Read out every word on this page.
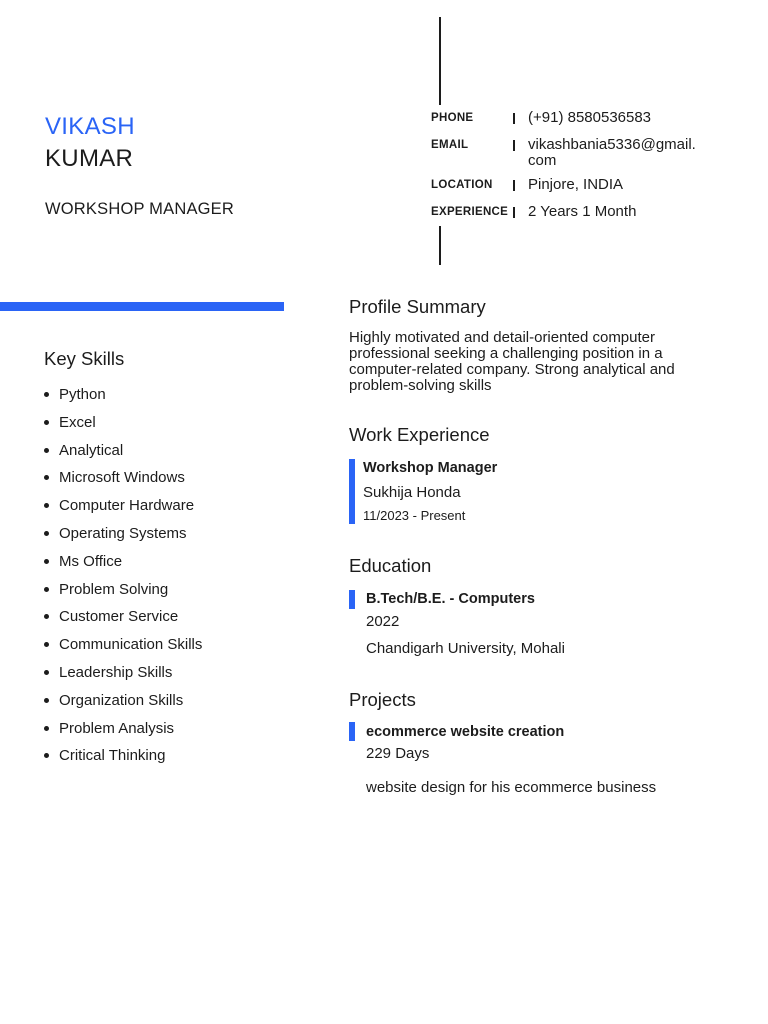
VIKASH
KUMAR
WORKSHOP MANAGER
PHONE	(+91) 8580536583
EMAIL	vikashbania5336@gmail.
com
LOCATION Pinjore, INDIA
EXPERIENCE 2 Years 1 Month
Key Skills
Python
Excel
Analytical
Microsoft Windows
Computer Hardware
Operating Systems
Ms Office
Problem Solving
Customer Service
Communication Skills
Leadership Skills
Organization Skills
Problem Analysis
Critical Thinking
Profile Summary

Highly motivated and detail-oriented computer professional seeking a challenging position in a computer-related company. Strong analytical and problem-solving skills

Work Experience
Workshop Manager
Sukhija Honda
11/2023 - Present
Education
B.Tech/B.E. - Computers
2022
Chandigarh University, Mohali
Projects
ecommerce website creation
229 Days
website design for his ecommerce business
